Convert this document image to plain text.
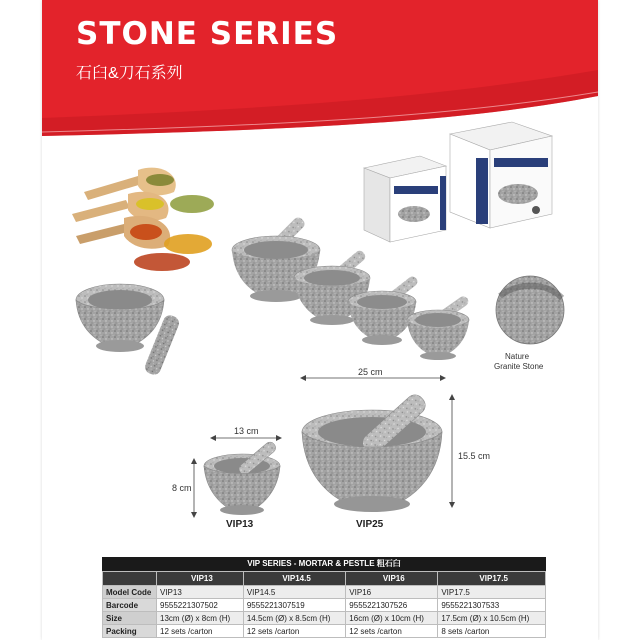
STONE SERIES
石臼&刀石系列
Nature
Granite Stone
25 cm
15.5 cm
13 cm
8 cm
VIP13	VIP25
VIP SERIES - MORTAR & PESTLE 粗石臼
	VIP13	VIP14.5	VIP16	VIP17.5
Model Code	VIP13	VIP14.5	VIP16	VIP17.5
Barcode	9555221307502	9555221307519	9555221307526	9555221307533
Size	13cm (Ø) x 8cm (H)	14.5cm (Ø) x 8.5cm (H)	16cm (Ø) x 10cm (H)	17.5cm (Ø) x 10.5cm (H)
Packing	12 sets /carton	12 sets /carton	12 sets /carton	8 sets /carton
